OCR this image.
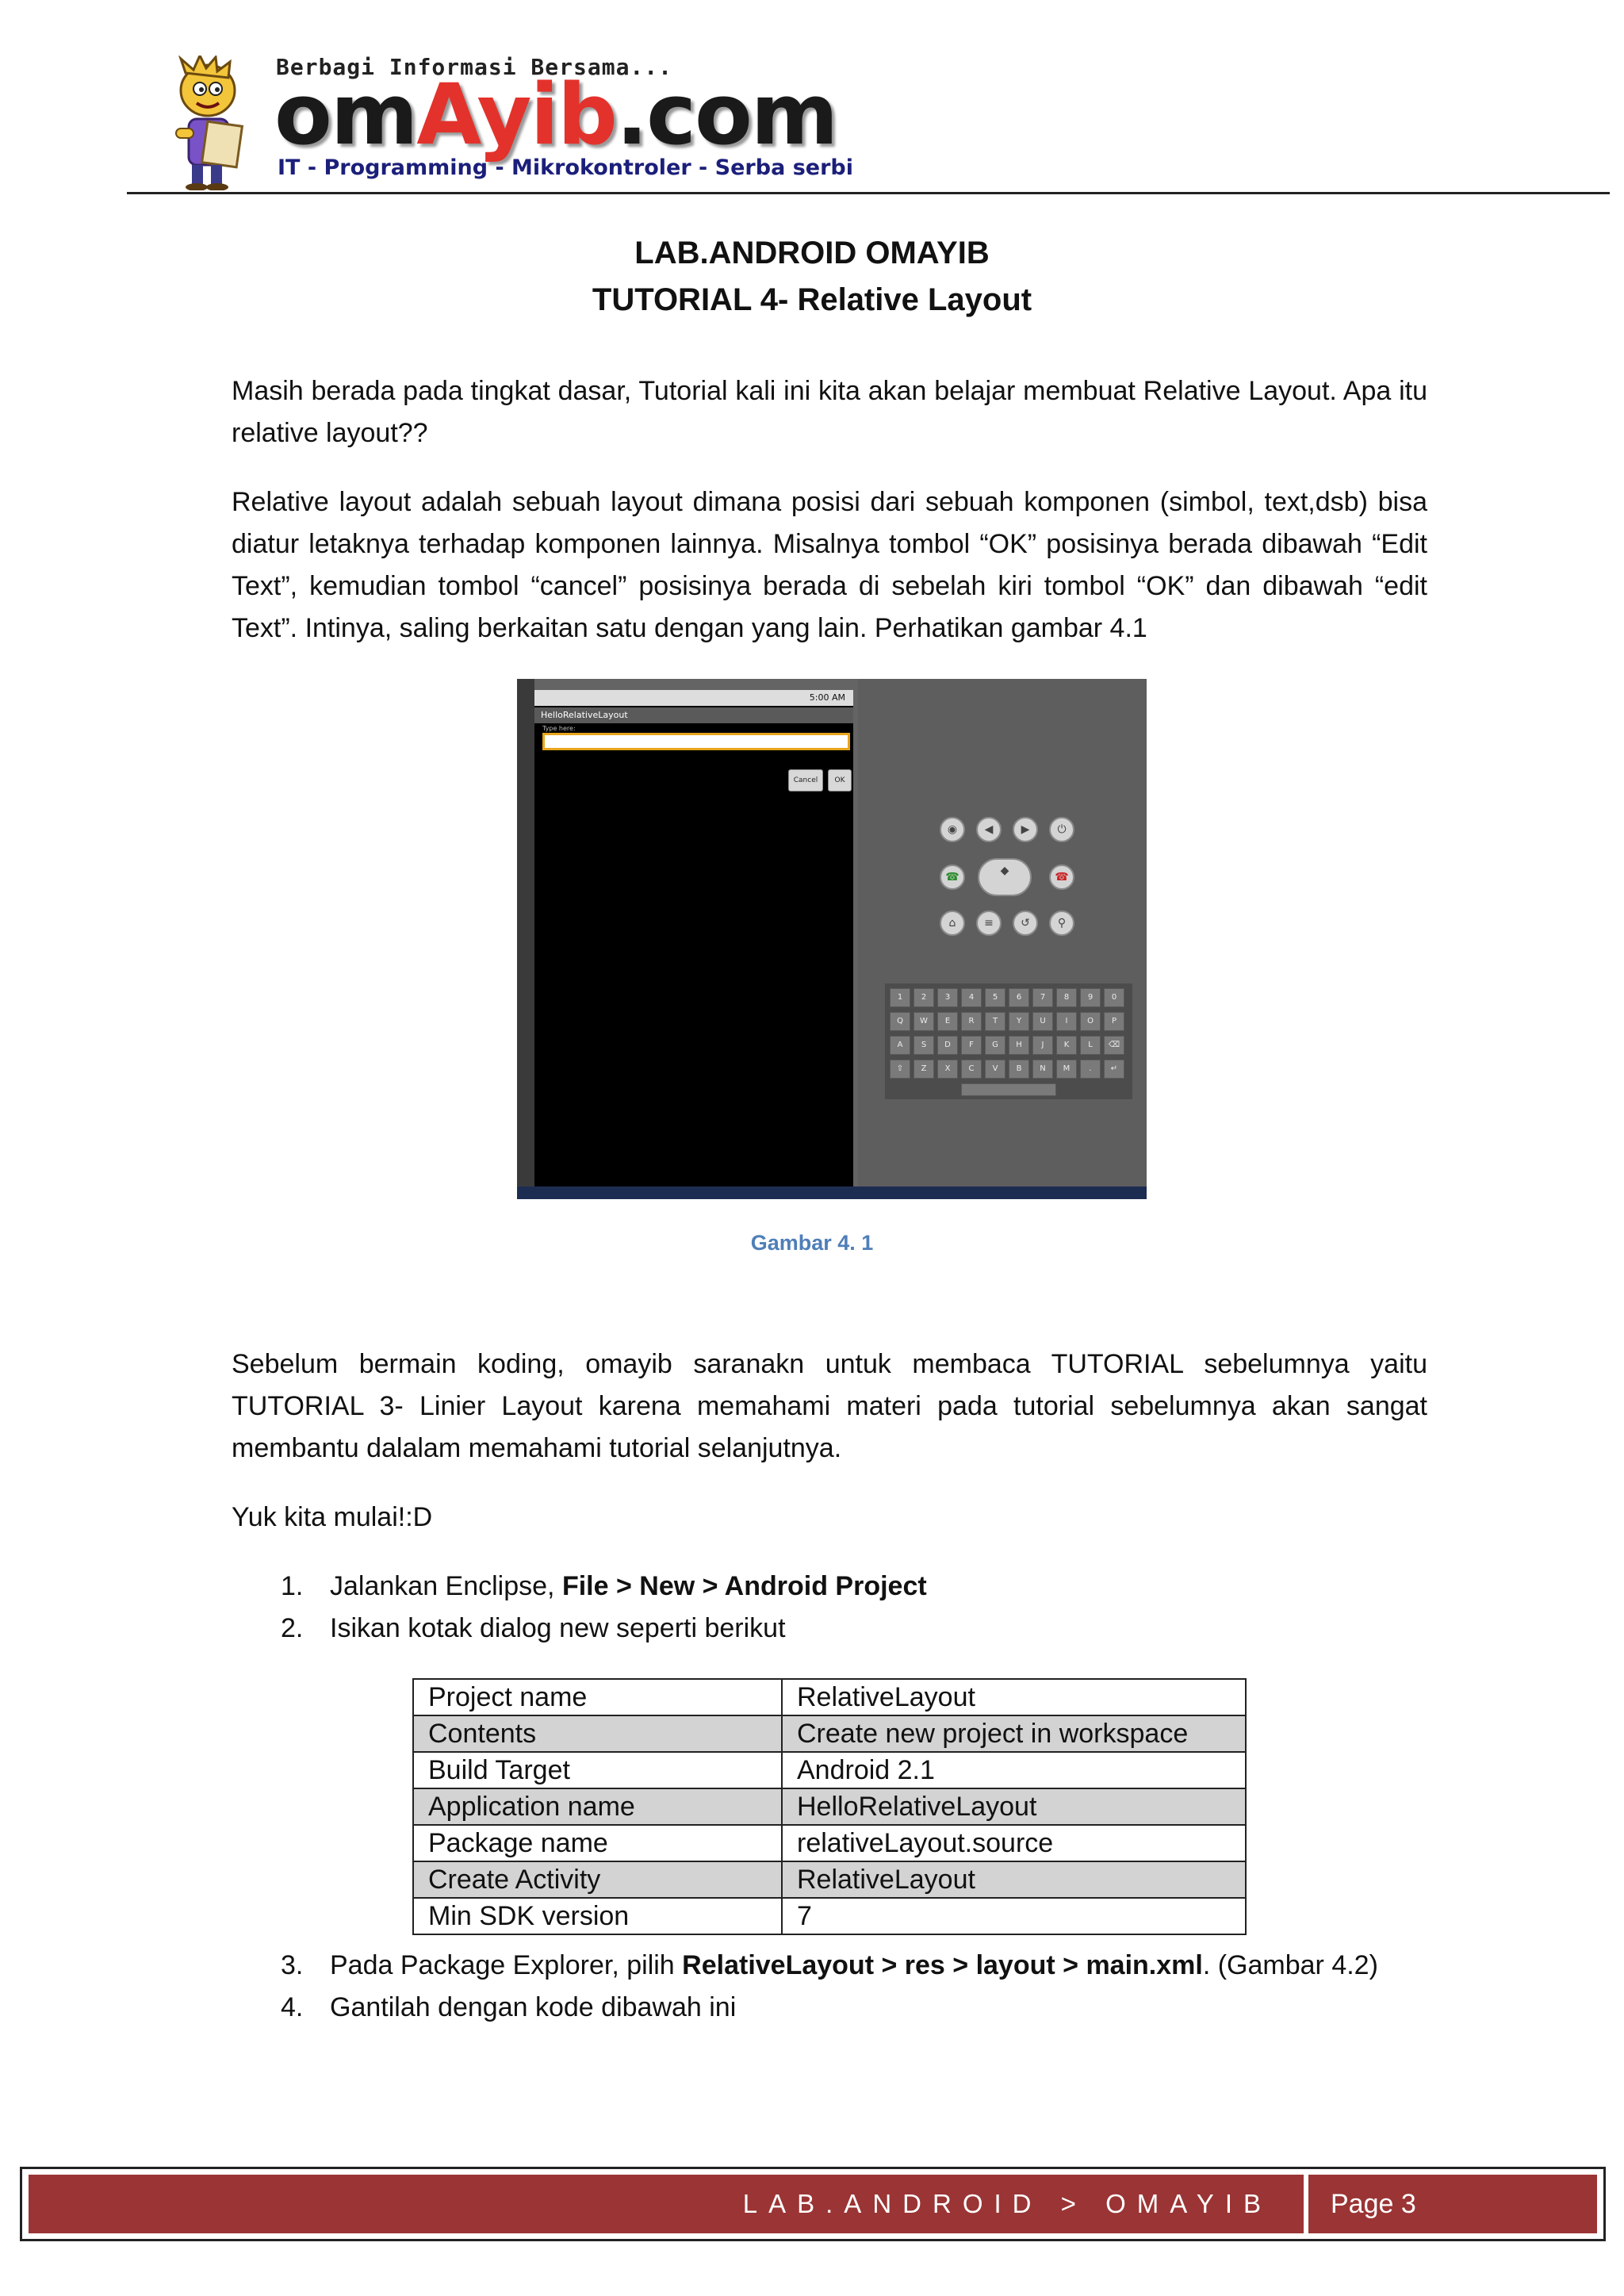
Berbagi Informasi Bersama...
omAyib.com
IT - Programming - Mikrokontroler - Serba serbi
LAB.ANDROID OMAYIB
TUTORIAL 4- Relative Layout

Masih berada pada tingkat dasar, Tutorial kali ini kita akan belajar membuat Relative Layout. Apa itu relative layout??

Relative layout adalah sebuah layout dimana posisi dari sebuah komponen (simbol, text,dsb) bisa diatur letaknya terhadap komponen lainnya. Misalnya tombol “OK” posisinya berada dibawah “Edit Text”, kemudian tombol “cancel” posisinya berada di sebelah kiri tombol “OK” dan dibawah “edit Text”. Intinya, saling berkaitan satu dengan yang lain. Perhatikan gambar 4.1

5:00 AM
HelloRelativeLayout
Type here:
Cancel	OK
◉	◀	▶	⏻
☎	◆	☎
⌂	≡	↺	⚲
1	2	3	4	5	6	7	8	9	0
Q	W	E	R	T	Y	U	I	O	P
A	S	D	F	G	H	J	K	L	⌫
⇧	Z	X	C	V	B	N	M	.	↵
Gambar 4. 1

Sebelum bermain koding, omayib saranakn untuk membaca TUTORIAL sebelumnya yaitu TUTORIAL 3- Linier Layout karena memahami materi pada tutorial sebelumnya akan sangat membantu dalalam memahami tutorial selanjutnya.

Yuk kita mulai!:D

1. Jalankan Enclipse, File > New > Android Project
2. Isikan kotak dialog new seperti berikut
Project name	RelativeLayout
Contents	Create new project in workspace
Build Target	Android 2.1
Application name	HelloRelativeLayout
Package name	relativeLayout.source
Create Activity	RelativeLayout
Min SDK version	7
3. Pada Package Explorer, pilih RelativeLayout > res > layout > main.xml. (Gambar 4.2)
4. Gantilah dengan kode dibawah ini
LAB.ANDROID > OMAYIB Page 3
